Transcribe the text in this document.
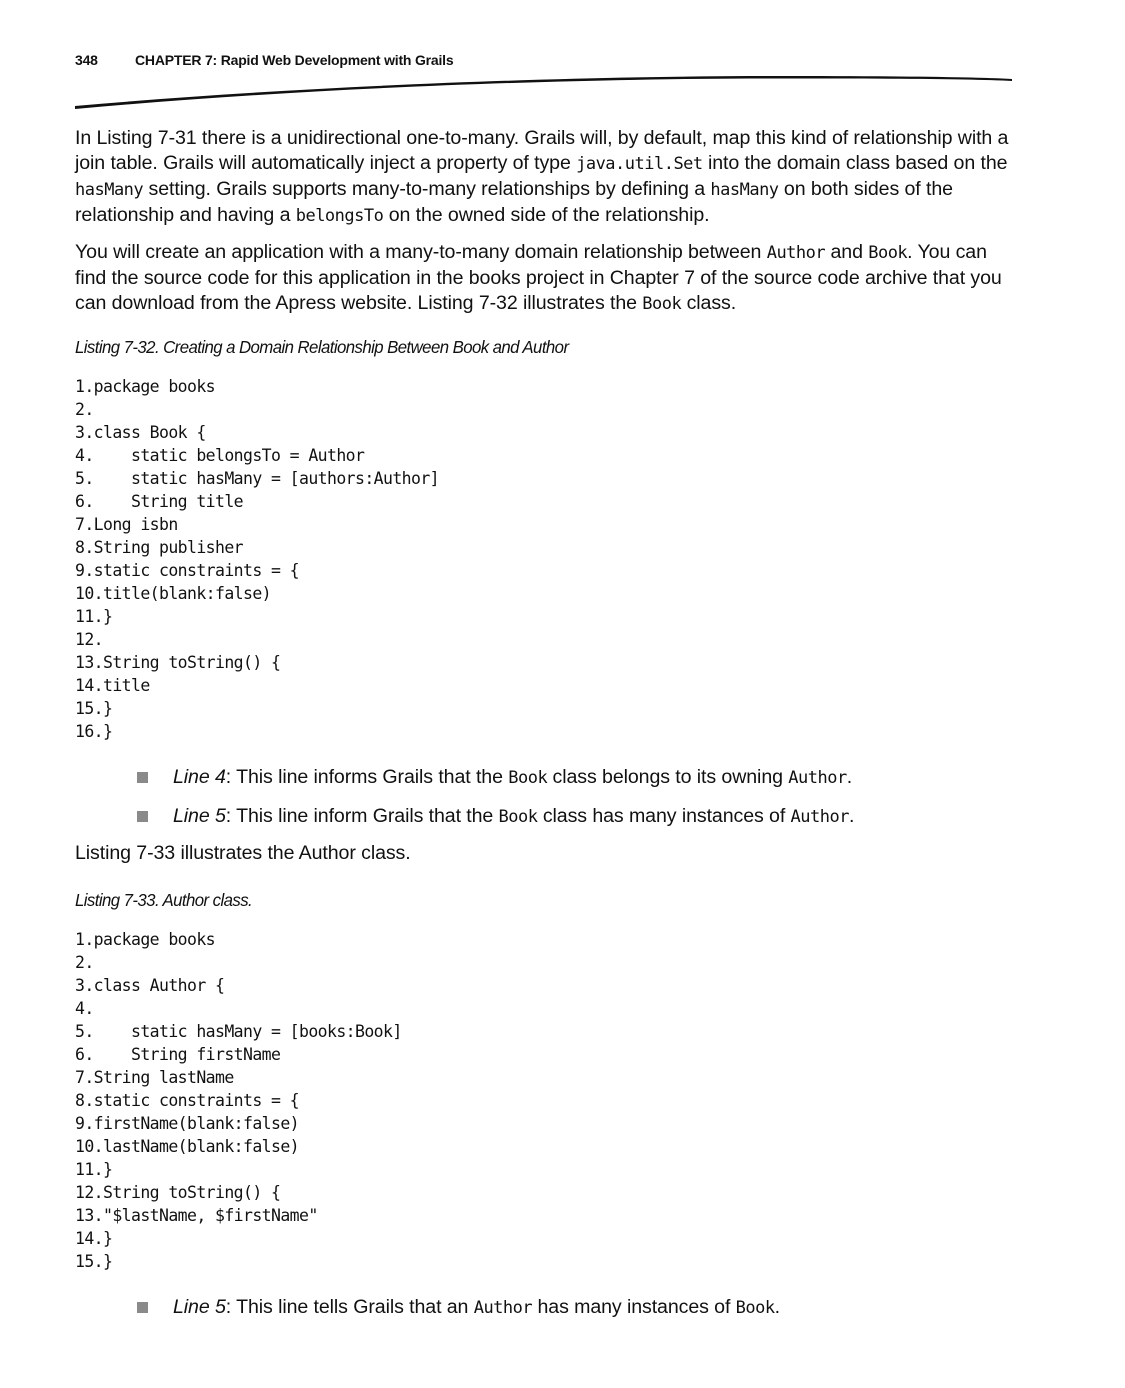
348	CHAPTER 7: Rapid Web Development with Grails

In Listing 7-31 there is a unidirectional one-to-many. Grails will, by default, map this kind of relationship with a join table. Grails will automatically inject a property of type java.util.Set into the domain class based on the hasMany setting. Grails supports many-to-many relationships by defining a hasMany on both sides of the relationship and having a belongsTo on the owned side of the relationship.

You will create an application with a many-to-many domain relationship between Author and Book. You can find the source code for this application in the books project in Chapter 7 of the source code archive that you can download from the Apress website. Listing 7-32 illustrates the Book class.

Listing 7-32. Creating a Domain Relationship Between Book and Author
1.package books
2.
3.class Book {
4.    static belongsTo = Author
5.    static hasMany = [authors:Author]
6.    String title
7.Long isbn
8.String publisher
9.static constraints = {
10.title(blank:false)
11.}
12.
13.String toString() {
14.title
15.}
16.}
Line 4: This line informs Grails that the Book class belongs to its owning Author.
Line 5: This line inform Grails that the Book class has many instances of Author.

Listing 7-33 illustrates the Author class.

Listing 7-33. Author class.
1.package books
2.
3.class Author {
4.
5.    static hasMany = [books:Book]
6.    String firstName
7.String lastName
8.static constraints = {
9.firstName(blank:false)
10.lastName(blank:false)
11.}
12.String toString() {
13."$lastName, $firstName"
14.}
15.}
Line 5: This line tells Grails that an Author has many instances of Book.
